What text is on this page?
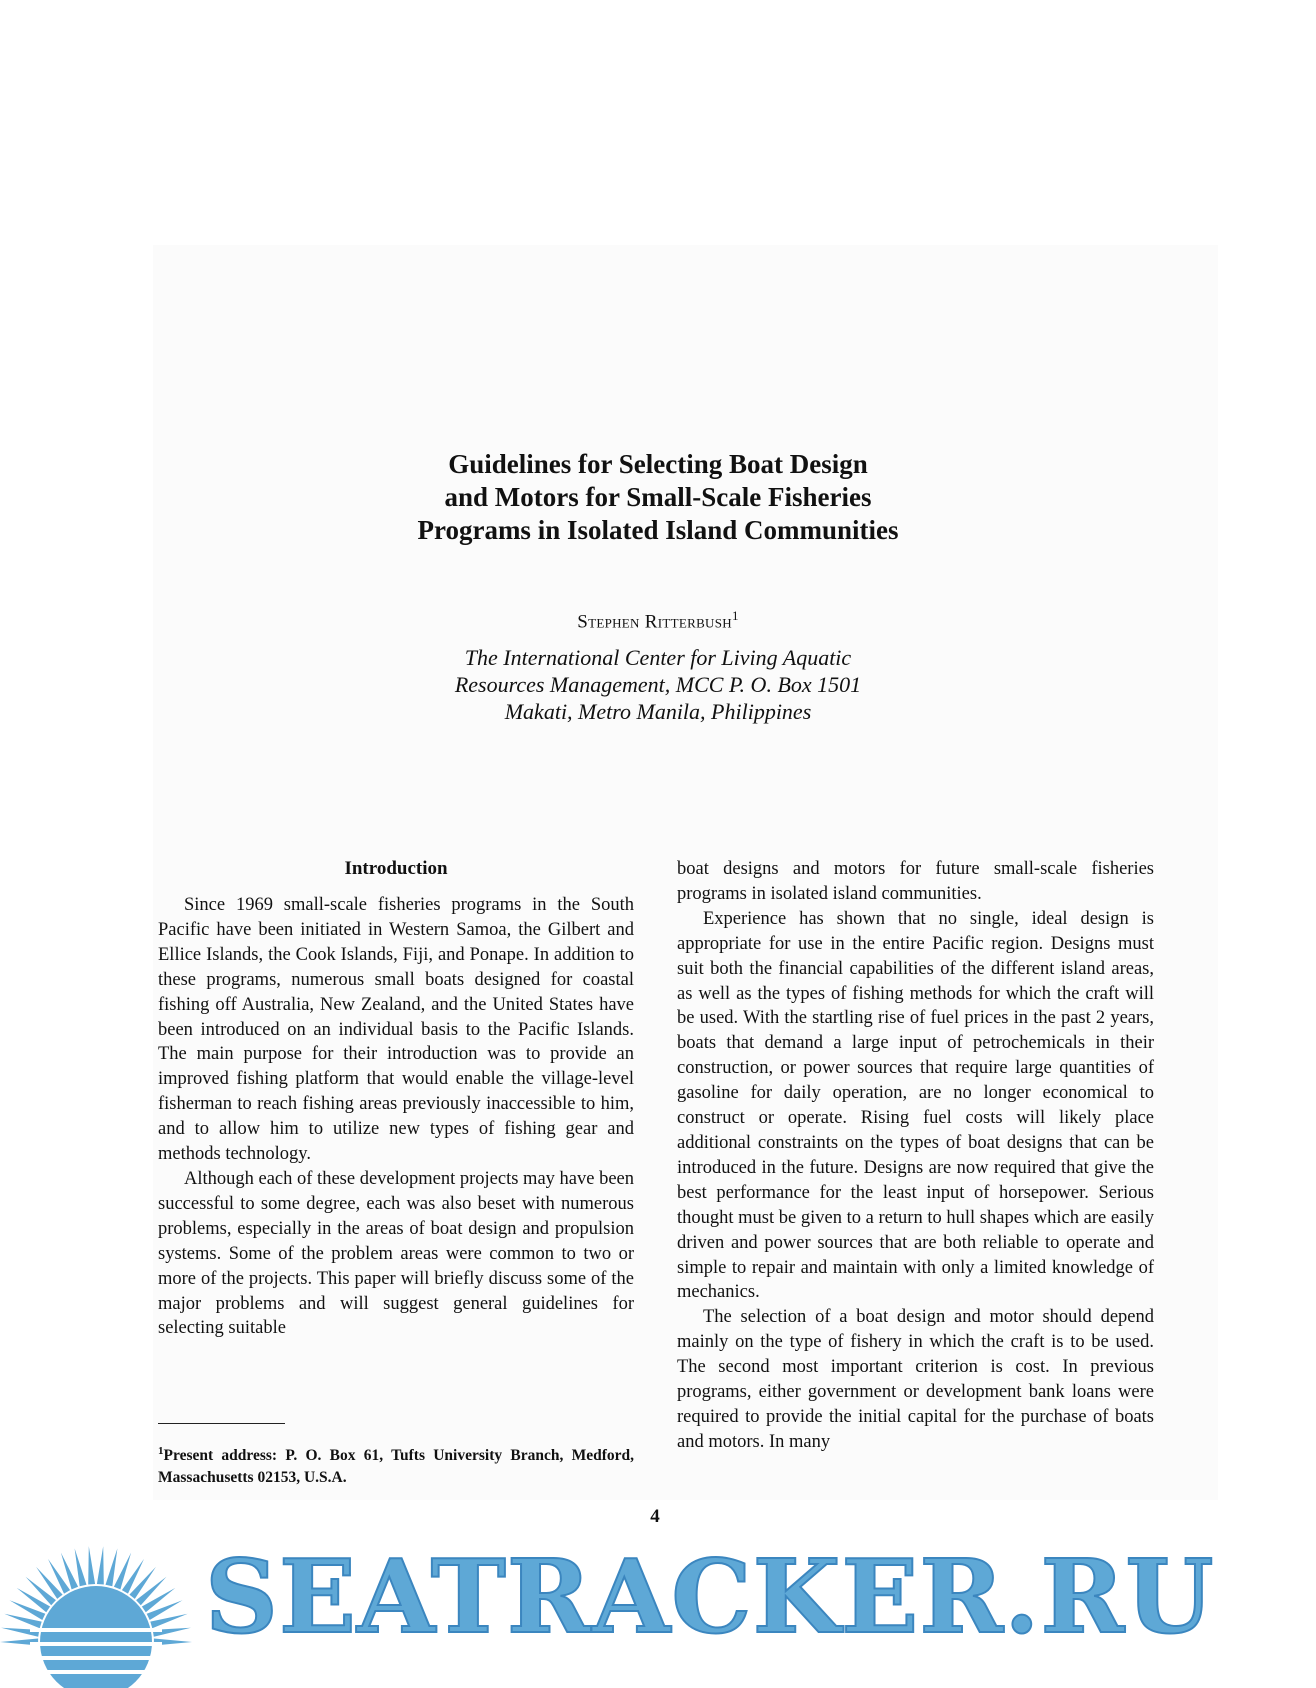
Guidelines for Selecting Boat Design
and Motors for Small-Scale Fisheries
Programs in Isolated Island Communities
Stephen Ritterbush$^1$
The International Center for Living Aquatic
Resources Management, MCC P. O. Box 1501
Makati, Metro Manila, Philippines
Introduction

Since 1969 small-scale fisheries programs in the South Pacific have been initiated in Western Samoa, the Gilbert and Ellice Islands, the Cook Islands, Fiji, and Ponape. In addition to these programs, numerous small boats designed for coastal fishing off Australia, New Zealand, and the United States have been introduced on an individual basis to the Pacific Islands. The main purpose for their introduction was to provide an improved fishing platform that would enable the village-level fisherman to reach fishing areas previously inaccessible to him, and to allow him to utilize new types of fishing gear and methods technology.

Although each of these development projects may have been successful to some degree, each was also beset with numerous problems, especially in the areas of boat design and propulsion systems. Some of the problem areas were common to two or more of the projects. This paper will briefly discuss some of the major problems and will suggest general guidelines for selecting suitable

boat designs and motors for future small-scale fisheries programs in isolated island communities.

Experience has shown that no single, ideal design is appropriate for use in the entire Pacific region. Designs must suit both the financial capabilities of the different island areas, as well as the types of fishing methods for which the craft will be used. With the startling rise of fuel prices in the past 2 years, boats that demand a large input of petrochemicals in their construction, or power sources that require large quantities of gasoline for daily operation, are no longer economical to construct or operate. Rising fuel costs will likely place additional constraints on the types of boat designs that can be introduced in the future. Designs are now required that give the best performance for the least input of horsepower. Serious thought must be given to a return to hull shapes which are easily driven and power sources that are both reliable to operate and simple to repair and maintain with only a limited knowledge of mechanics.

The selection of a boat design and motor should depend mainly on the type of fishery in which the craft is to be used. The second most important criterion is cost. In previous programs, either government or development bank loans were required to provide the initial capital for the purchase of boats and motors. In many

$^1$Present address: P. O. Box 61, Tufts University Branch, Medford, Massachusetts 02153, U.S.A.
4
SEATRACKER.RU
